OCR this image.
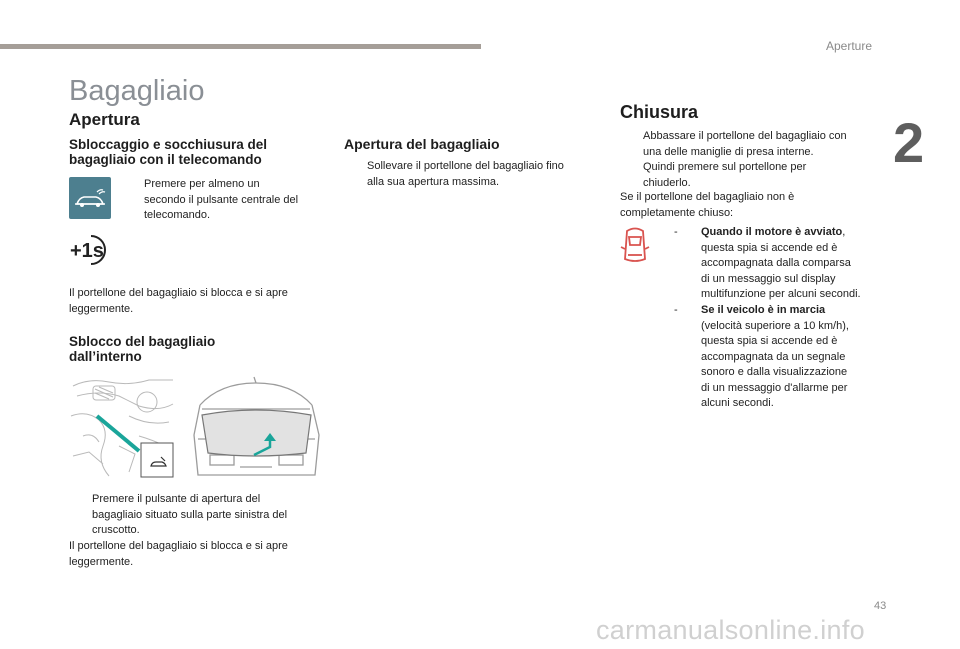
Aperture
2
Bagagliaio
Apertura
Sbloccaggio e socchiusura del
bagagliaio con il telecomando
Premere per almeno un
secondo il pulsante centrale del
telecomando.
+1s
Il portellone del bagagliaio si blocca e si apre
leggermente.
Sblocco del bagagliaio
dall’interno
Premere il pulsante di apertura del
bagagliaio situato sulla parte sinistra del
cruscotto.
Il portellone del bagagliaio si blocca e si apre
leggermente.
Apertura del bagagliaio
Sollevare il portellone del bagagliaio fino
alla sua apertura massima.
Chiusura
Abbassare il portellone del bagagliaio con
una delle maniglie di presa interne.
Quindi premere sul portellone per
chiuderlo.
Se il portellone del bagagliaio non è
completamente chiuso:
- Quando il motore è avviato,
questa spia si accende ed è
accompagnata dalla comparsa
di un messaggio sul display
multifunzione per alcuni secondi.
- Se il veicolo è in marcia
(velocità superiore a 10 km/h),
questa spia si accende ed è
accompagnata da un segnale
sonoro e dalla visualizzazione
di un messaggio d'allarme per
alcuni secondi.
43
carmanualsonline.info
